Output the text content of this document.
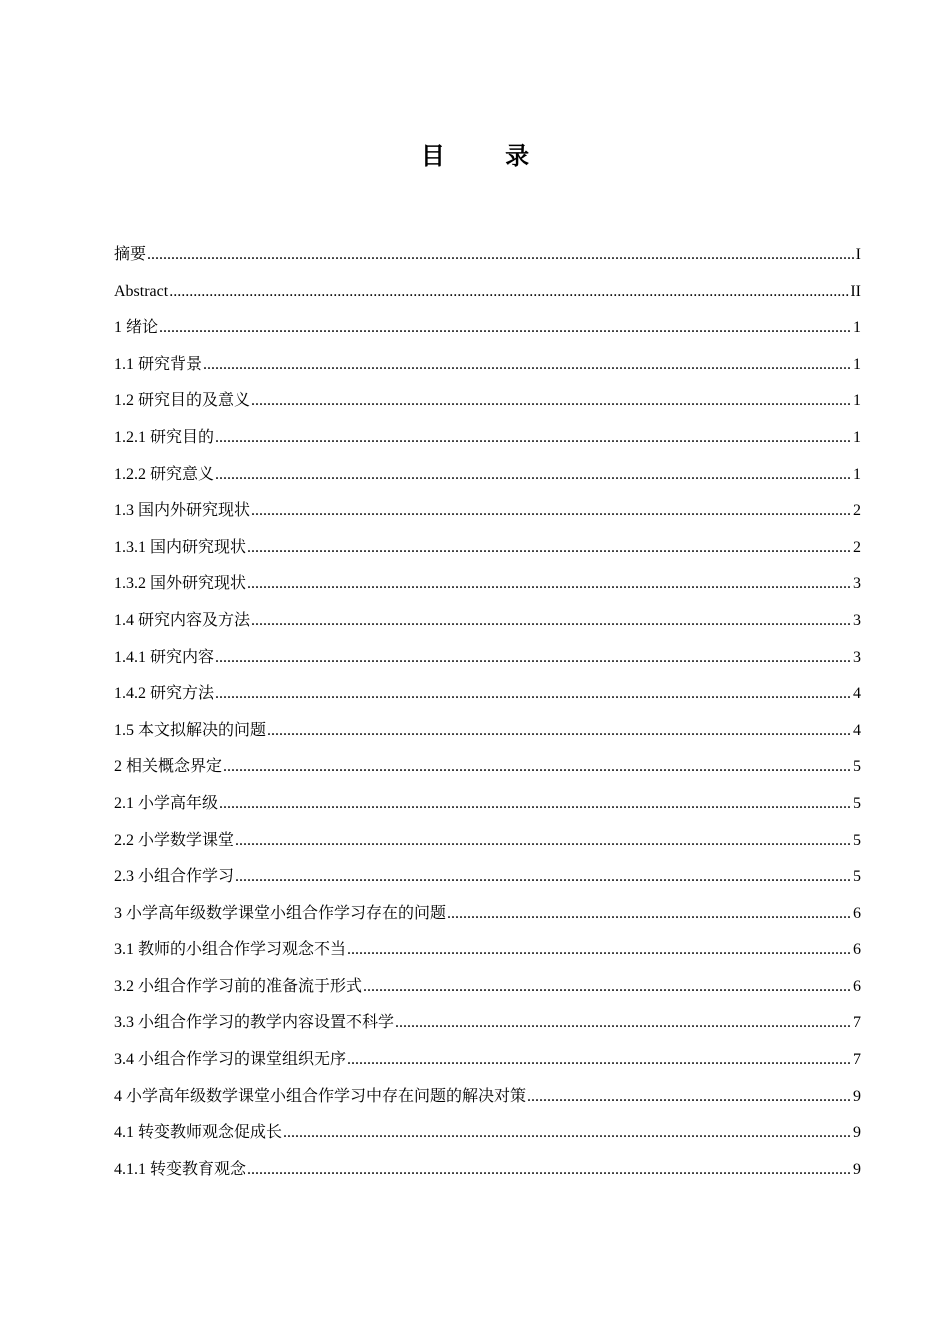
目 录
摘要 .....	I
Abstract .....	II
1 绪论 .....	1
1.1 研究背景 .....	1
1.2 研究目的及意义 .....	1
1.2.1 研究目的 .....	1
1.2.2 研究意义 .....	1
1.3 国内外研究现状 .....	2
1.3.1 国内研究现状 .....	2
1.3.2 国外研究现状 .....	3
1.4 研究内容及方法 .....	3
1.4.1 研究内容 .....	3
1.4.2 研究方法 .....	4
1.5 本文拟解决的问题 .....	4
2 相关概念界定 .....	5
2.1 小学高年级 .....	5
2.2 小学数学课堂 .....	5
2.3 小组合作学习 .....	5
3 小学高年级数学课堂小组合作学习存在的问题 .....	6
3.1 教师的小组合作学习观念不当 .....	6
3.2 小组合作学习前的准备流于形式 .....	6
3.3 小组合作学习的教学内容设置不科学 .....	7
3.4 小组合作学习的课堂组织无序 .....	7
4 小学高年级数学课堂小组合作学习中存在问题的解决对策 .....	9
4.1 转变教师观念促成长 .....	9
4.1.1 转变教育观念 .....	9
